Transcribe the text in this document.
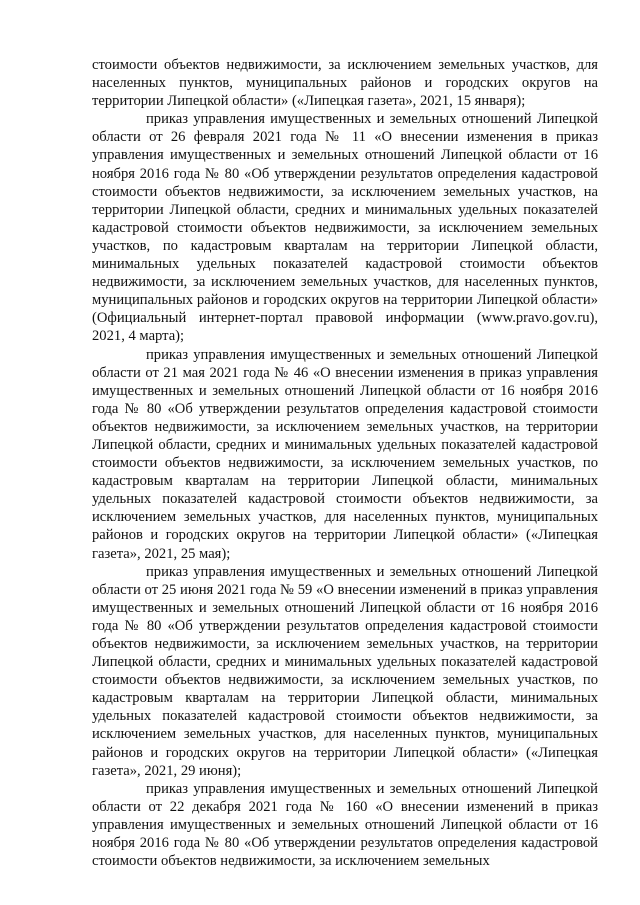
стоимости объектов недвижимости, за исключением земельных участков, для населенных пунктов, муниципальных районов и городских округов на территории Липецкой области» («Липецкая газета», 2021, 15 января);

приказ управления имущественных и земельных отношений Липецкой области от 26 февраля 2021 года № 11 «О внесении изменения в приказ управления имущественных и земельных отношений Липецкой области от 16 ноября 2016 года № 80 «Об утверждении результатов определения кадастровой стоимости объектов недвижимости, за исключением земельных участков, на территории Липецкой области, средних и минимальных удельных показателей кадастровой стоимости объектов недвижимости, за исключением земельных участков, по кадастровым кварталам на территории Липецкой области, минимальных удельных показателей кадастровой стоимости объектов недвижимости, за исключением земельных участков, для населенных пунктов, муниципальных районов и городских округов на территории Липецкой области» (Официальный интернет-портал правовой информации (www.pravo.gov.ru), 2021, 4 марта);

приказ управления имущественных и земельных отношений Липецкой области от 21 мая 2021 года № 46 «О внесении изменения в приказ управления имущественных и земельных отношений Липецкой области от 16 ноября 2016 года № 80 «Об утверждении результатов определения кадастровой стоимости объектов недвижимости, за исключением земельных участков, на территории Липецкой области, средних и минимальных удельных показателей кадастровой стоимости объектов недвижимости, за исключением земельных участков, по кадастровым кварталам на территории Липецкой области, минимальных удельных показателей кадастровой стоимости объектов недвижимости, за исключением земельных участков, для населенных пунктов, муниципальных районов и городских округов на территории Липецкой области» («Липецкая газета», 2021, 25 мая);

приказ управления имущественных и земельных отношений Липецкой области от 25 июня 2021 года № 59 «О внесении изменений в приказ управления имущественных и земельных отношений Липецкой области от 16 ноября 2016 года № 80 «Об утверждении результатов определения кадастровой стоимости объектов недвижимости, за исключением земельных участков, на территории Липецкой области, средних и минимальных удельных показателей кадастровой стоимости объектов недвижимости, за исключением земельных участков, по кадастровым кварталам на территории Липецкой области, минимальных удельных показателей кадастровой стоимости объектов недвижимости, за исключением земельных участков, для населенных пунктов, муниципальных районов и городских округов на территории Липецкой области» («Липецкая газета», 2021, 29 июня);

приказ управления имущественных и земельных отношений Липецкой области от 22 декабря 2021 года № 160 «О внесении изменений в приказ управления имущественных и земельных отношений Липецкой области от 16 ноября 2016 года № 80 «Об утверждении результатов определения кадастровой стоимости объектов недвижимости, за исключением земельных
